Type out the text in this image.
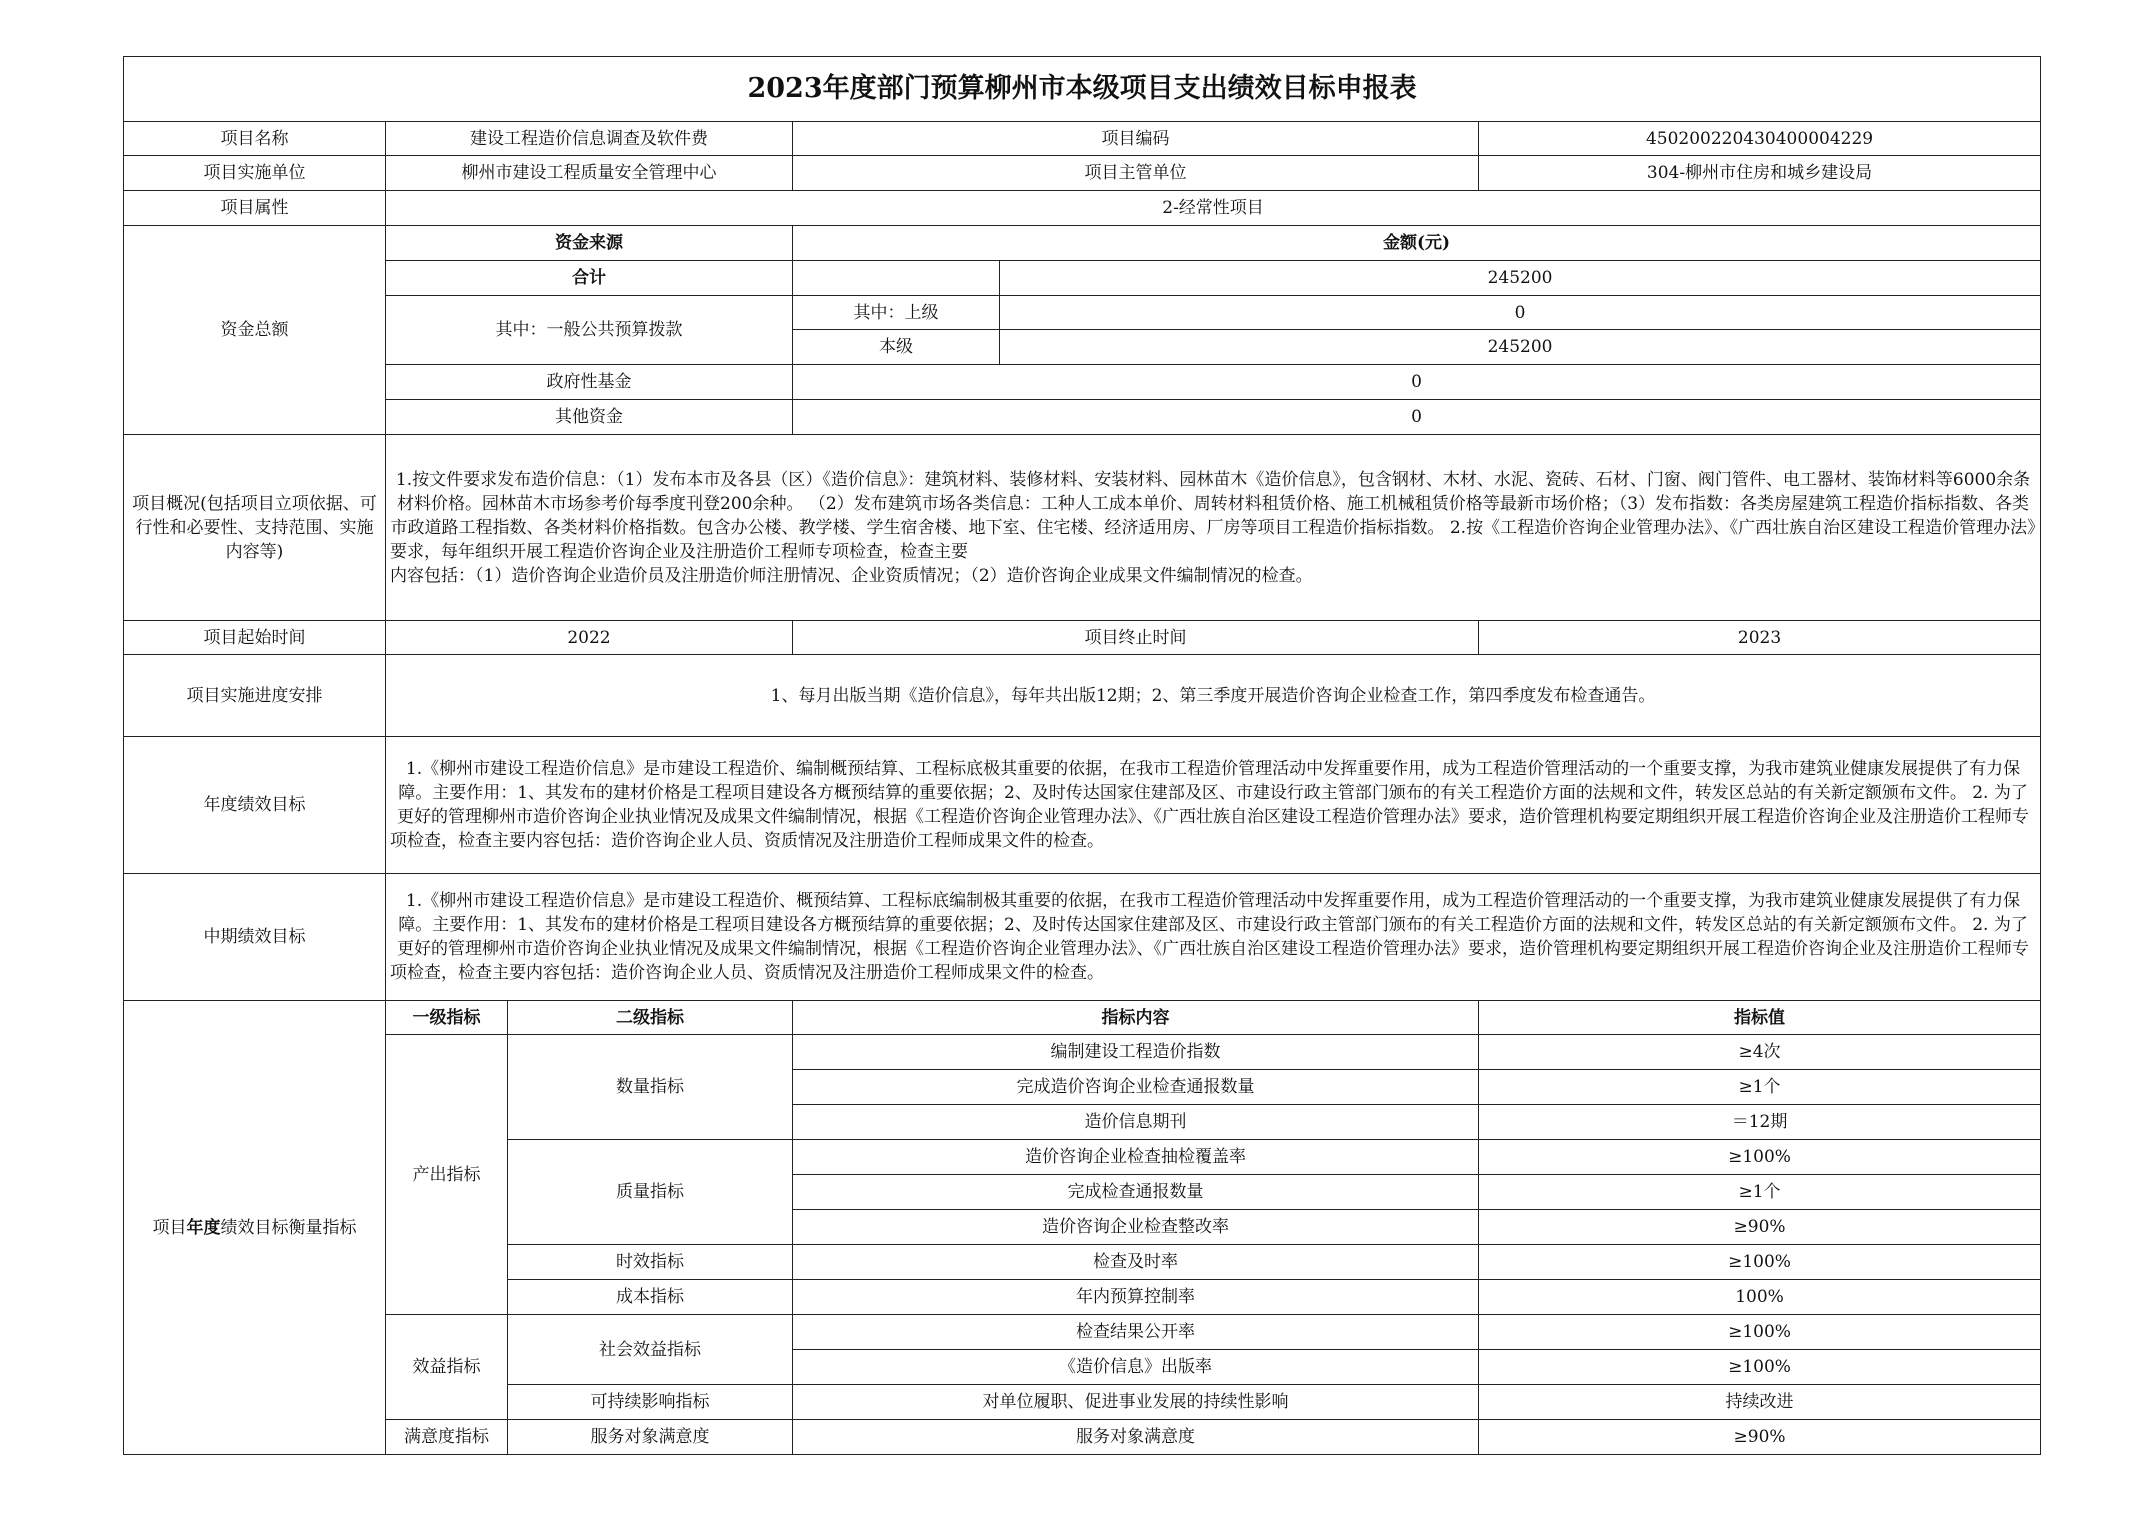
2023年度部门预算柳州市本级项目支出绩效目标申报表					
项目名称	建设工程造价信息调查及软件费		项目编码		450200220430400004229
项目实施单位	柳州市建设工程质量安全管理中心		项目主管单位		304-柳州市住房和城乡建设局
项目属性	2-经常性项目				
资金总额	资金来源		金额(元)		
	合计			245200	
	其中：一般公共预算拨款		其中：上级	0	
			本级	245200	
	政府性基金		0		
	其他资金		0		
项目概况(包括项目立项依据、可行性和必要性、支持范围、实施内容等)	1.按文件要求发布造价信息：（1）发布本市及各县（区）《造价信息》：建筑材料、装修材料、安装材料、园林苗木《造价信息》，包含钢材、木材、水泥、瓷砖、石材、门窗、阀门管件、电工器材、装饰材料等6000余条材料价格。园林苗木市场参考价每季度刊登200余种。 （2）发布建筑市场各类信息：工种人工成本单价、周转材料租赁价格、施工机械租赁价格等最新市场价格；（3）发布指数：各类房屋建筑工程造价指标指数、各类市政道路工程指数、各类材料价格指数。包含办公楼、教学楼、学生宿舍楼、地下室、住宅楼、经济适用房、厂房等项目工程造价指标指数。 2.按《工程造价咨询企业管理办法》、《广西壮族自治区建设工程造价管理办法》要求，每年组织开展工程造价咨询企业及注册造价工程师专项检查，检查主要
内容包括：（1）造价咨询企业造价员及注册造价师注册情况、企业资质情况；（2）造价咨询企业成果文件编制情况的检查。				

项目起始时间	2022		项目终止时间		2023
项目实施进度安排	1、每月出版当期《造价信息》，每年共出版12期；2、第三季度开展造价咨询企业检查工作，第四季度发布检查通告。				
年度绩效目标	1.《柳州市建设工程造价信息》是市建设工程造价、编制概预结算、工程标底极其重要的依据，在我市工程造价管理活动中发挥重要作用，成为工程造价管理活动的一个重要支撑，为我市建筑业健康发展提供了有力保障。主要作用：1、其发布的建材价格是工程项目建设各方概预结算的重要依据；2、及时传达国家住建部及区、市建设行政主管部门颁布的有关工程造价方面的法规和文件，转发区总站的有关新定额颁布文件。 2. 为了更好的管理柳州市造价咨询企业执业情况及成果文件编制情况，根据《工程造价咨询企业管理办法》、《广西壮族自治区建设工程造价管理办法》要求，造价管理机构要定期组织开展工程造价咨询企业及注册造价工程师专项检查，检查主要内容包括：造价咨询企业人员、资质情况及注册造价工程师成果文件的检查。				
中期绩效目标	1.《柳州市建设工程造价信息》是市建设工程造价、概预结算、工程标底编制极其重要的依据，在我市工程造价管理活动中发挥重要作用，成为工程造价管理活动的一个重要支撑，为我市建筑业健康发展提供了有力保障。主要作用：1、其发布的建材价格是工程项目建设各方概预结算的重要依据；2、及时传达国家住建部及区、市建设行政主管部门颁布的有关工程造价方面的法规和文件，转发区总站的有关新定额颁布文件。 2. 为了更好的管理柳州市造价咨询企业执业情况及成果文件编制情况，根据《工程造价咨询企业管理办法》、《广西壮族自治区建设工程造价管理办法》要求，造价管理机构要定期组织开展工程造价咨询企业及注册造价工程师专项检查，检查主要内容包括：造价咨询企业人员、资质情况及注册造价工程师成果文件的检查。				
项目年度绩效目标衡量指标	一级指标	二级指标	指标内容		指标值
	产出指标	数量指标	编制建设工程造价指数		≥4次
			完成造价咨询企业检查通报数量		≥1个
			造价信息期刊		＝12期
		质量指标	造价咨询企业检查抽检覆盖率		≥100%
			完成检查通报数量		≥1个
			造价咨询企业检查整改率		≥90%
		时效指标	检查及时率		≥100%
		成本指标	年内预算控制率		100%
	效益指标	社会效益指标	检查结果公开率		≥100%
			《造价信息》出版率		≥100%
		可持续影响指标	对单位履职、促进事业发展的持续性影响		持续改进
	满意度指标	服务对象满意度	服务对象满意度		≥90%
